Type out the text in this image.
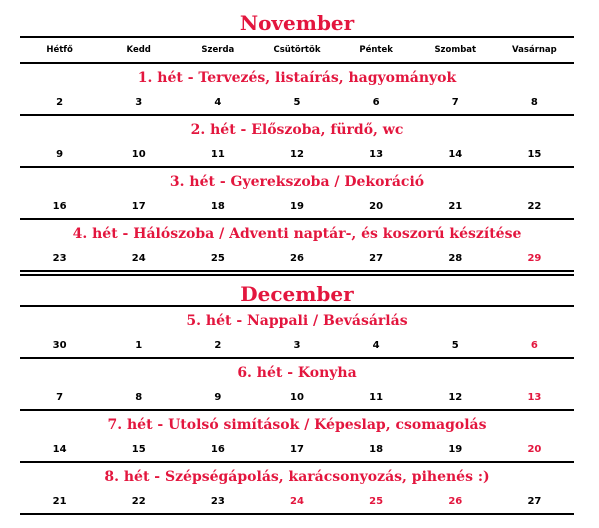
November
Hétfő	Kedd	Szerda	Csütörtök	Péntek	Szombat	Vasárnap
1. hét - Tervezés, listaírás, hagyományok
2	3	4	5	6	7	8
2. hét - Előszoba, fürdő, wc
9	10	11	12	13	14	15
3. hét - Gyerekszoba / Dekoráció
16	17	18	19	20	21	22
4. hét - Hálószoba / Adventi naptár-, és koszorú készítése
23	24	25	26	27	28	29
December
5. hét - Nappali / Bevásárlás
30	1	2	3	4	5	6
6. hét - Konyha
7	8	9	10	11	12	13
7. hét - Utolsó simítások / Képeslap, csomagolás
14	15	16	17	18	19	20
8. hét - Szépségápolás, karácsonyozás, pihenés :)
21	22	23	24	25	26	27
